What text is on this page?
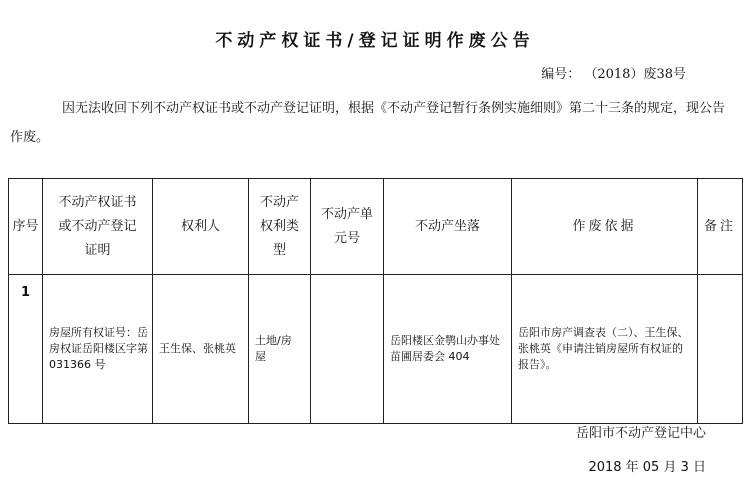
不动产权证书/登记证明作废公告
编号： （2018）废38号
因无法收回下列不动产权证书或不动产登记证明，根据《不动产登记暂行条例实施细则》第二十三条的规定，现公告作废。
序号	不动产权证书或不动产登记证明	权利人	不动产权利类型	不动产单元号	不动产坐落	作废依据	备注
1	房屋所有权证号：岳房权证岳阳楼区字第 031366 号	王生保、张桃英	土地/房屋		岳阳楼区金鹗山办事处苗圃居委会 404	岳阳市房产调查表（二）、王生保、张桃英《申请注销房屋所有权证的报告》。	
岳阳市不动产登记中心
2018 年 05 月 3 日
